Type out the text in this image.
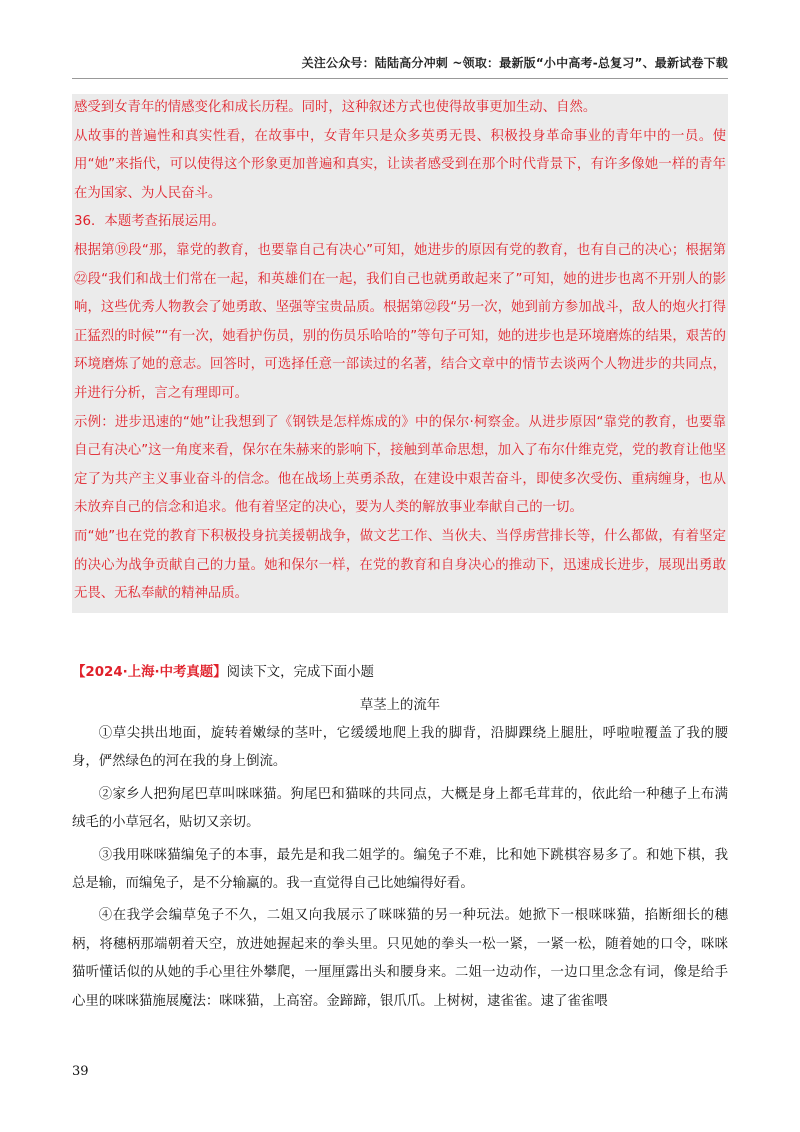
关注公众号：陆陆高分冲刺 ~领取：最新版“小中高考-总复习”、最新试卷下载

感受到女青年的情感变化和成长历程。同时，这种叙述方式也使得故事更加生动、自然。

从故事的普遍性和真实性看，在故事中，女青年只是众多英勇无畏、积极投身革命事业的青年中的一员。使用“她”来指代，可以使得这个形象更加普遍和真实，让读者感受到在那个时代背景下，有许多像她一样的青年在为国家、为人民奋斗。

36．本题考查拓展运用。

根据第⑲段“那，靠党的教育，也要靠自己有决心”可知，她进步的原因有党的教育，也有自己的决心；根据第㉒段“我们和战士们常在一起，和英雄们在一起，我们自己也就勇敢起来了”可知，她的进步也离不开别人的影响，这些优秀人物教会了她勇敢、坚强等宝贵品质。根据第㉒段“另一次，她到前方参加战斗，敌人的炮火打得正猛烈的时候”“有一次，她看护伤员，别的伤员乐哈哈的”等句子可知，她的进步也是环境磨炼的结果，艰苦的环境磨炼了她的意志。回答时，可选择任意一部读过的名著，结合文章中的情节去谈两个人物进步的共同点，并进行分析，言之有理即可。

示例：进步迅速的“她”让我想到了《钢铁是怎样炼成的》中的保尔·柯察金。从进步原因“靠党的教育，也要靠自己有决心”这一角度来看，保尔在朱赫来的影响下，接触到革命思想，加入了布尔什维克党，党的教育让他坚定了为共产主义事业奋斗的信念。他在战场上英勇杀敌，在建设中艰苦奋斗，即使多次受伤、重病缠身，也从未放弃自己的信念和追求。他有着坚定的决心，要为人类的解放事业奉献自己的一切。

而“她”也在党的教育下积极投身抗美援朝战争，做文艺工作、当伙夫、当俘虏营排长等，什么都做，有着坚定的决心为战争贡献自己的力量。她和保尔一样，在党的教育和自身决心的推动下，迅速成长进步，展现出勇敢无畏、无私奉献的精神品质。

【2024·上海·中考真题】阅读下文，完成下面小题
草茎上的流年

①草尖拱出地面，旋转着嫩绿的茎叶，它缓缓地爬上我的脚背，沿脚踝绕上腿肚，呼啦啦覆盖了我的腰身，俨然绿色的河在我的身上倒流。

②家乡人把狗尾巴草叫咪咪猫。狗尾巴和猫咪的共同点，大概是身上都毛茸茸的，依此给一种穗子上布满绒毛的小草冠名，贴切又亲切。

③我用咪咪猫编兔子的本事，最先是和我二姐学的。编兔子不难，比和她下跳棋容易多了。和她下棋，我总是输，而编兔子，是不分输赢的。我一直觉得自己比她编得好看。

④在我学会编草兔子不久，二姐又向我展示了咪咪猫的另一种玩法。她掀下一根咪咪猫，掐断细长的穗柄，将穗柄那端朝着天空，放进她握起来的拳头里。只见她的拳头一松一紧，一紧一松，随着她的口令，咪咪猫听懂话似的从她的手心里往外攀爬，一厘厘露出头和腰身来。二姐一边动作，一边口里念念有词，像是给手心里的咪咪猫施展魔法：咪咪猫，上高窑。金蹄蹄，银爪爪。上树树，逮雀雀。逮了雀雀喂

39
